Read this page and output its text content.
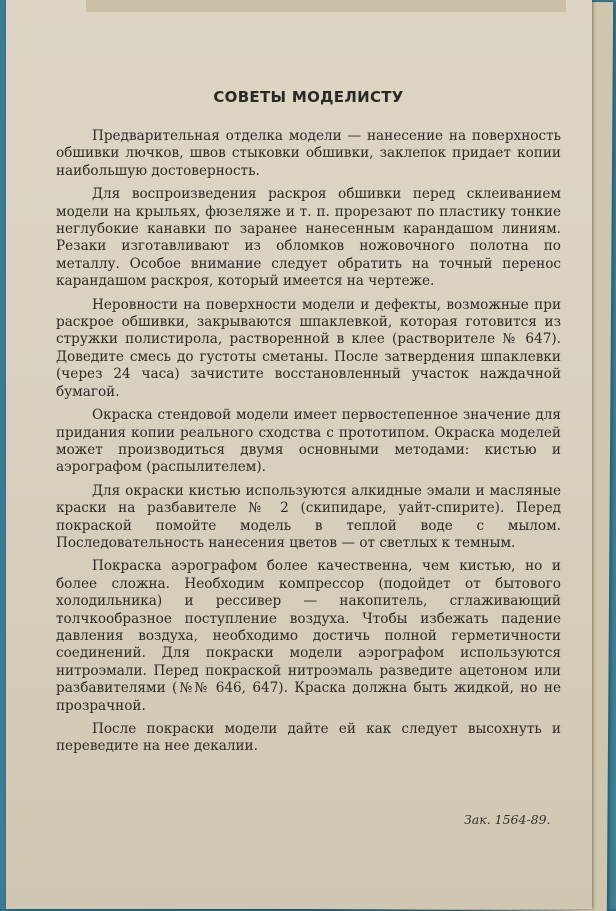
СОВЕТЫ МОДЕЛИСТУ

Предварительная отделка модели — нанесение на поверхность обшивки лючков, швов стыковки обшивки, заклепок придает копии наибольшую достоверность.

Для воспроизведения раскроя обшивки перед склеиванием модели на крыльях, фюзеляже и т. п. прорезают по пластику тонкие неглубокие канавки по заранее нанесенным карандашом линиям. Резаки изготавливают из обломков ножовочного полотна по металлу. Особое внимание следует обратить на точный перенос карандашом раскроя, который имеется на чертеже.

Неровности на поверхности модели и дефекты, возможные при раскрое обшивки, закрываются шпаклевкой, которая готовится из стружки полистирола, растворенной в клее (растворителе № 647). Доведите смесь до густоты сметаны. После затвердения шпаклевки (через 24 часа) зачистите восстановленный участок наждачной бумагой.

Окраска стендовой модели имеет первостепенное значение для придания копии реального сходства с прототипом. Окраска моделей может производиться двумя основными методами: кистью и аэрографом (распылителем).

Для окраски кистью используются алкидные эмали и масляные краски на разбавителе № 2 (скипидаре, уайт-спирите). Перед покраской помойте модель в теплой воде с мылом. Последовательность нанесения цветов — от светлых к темным.

Покраска аэрографом более качественна, чем кистью, но и более сложна. Необходим компрессор (подойдет от бытового холодильника) и рессивер — накопитель, сглаживающий толчкообразное поступление воздуха. Чтобы избежать падение давления воздуха, необходимо достичь полной герметичности соединений. Для покраски модели аэрографом используются нитроэмали. Перед покраской нитроэмаль разведите ацетоном или разбавителями (№№ 646, 647). Краска должна быть жидкой, но не прозрачной.

После покраски модели дайте ей как следует высохнуть и переведите на нее декалии.

Зак. 1564-89.
